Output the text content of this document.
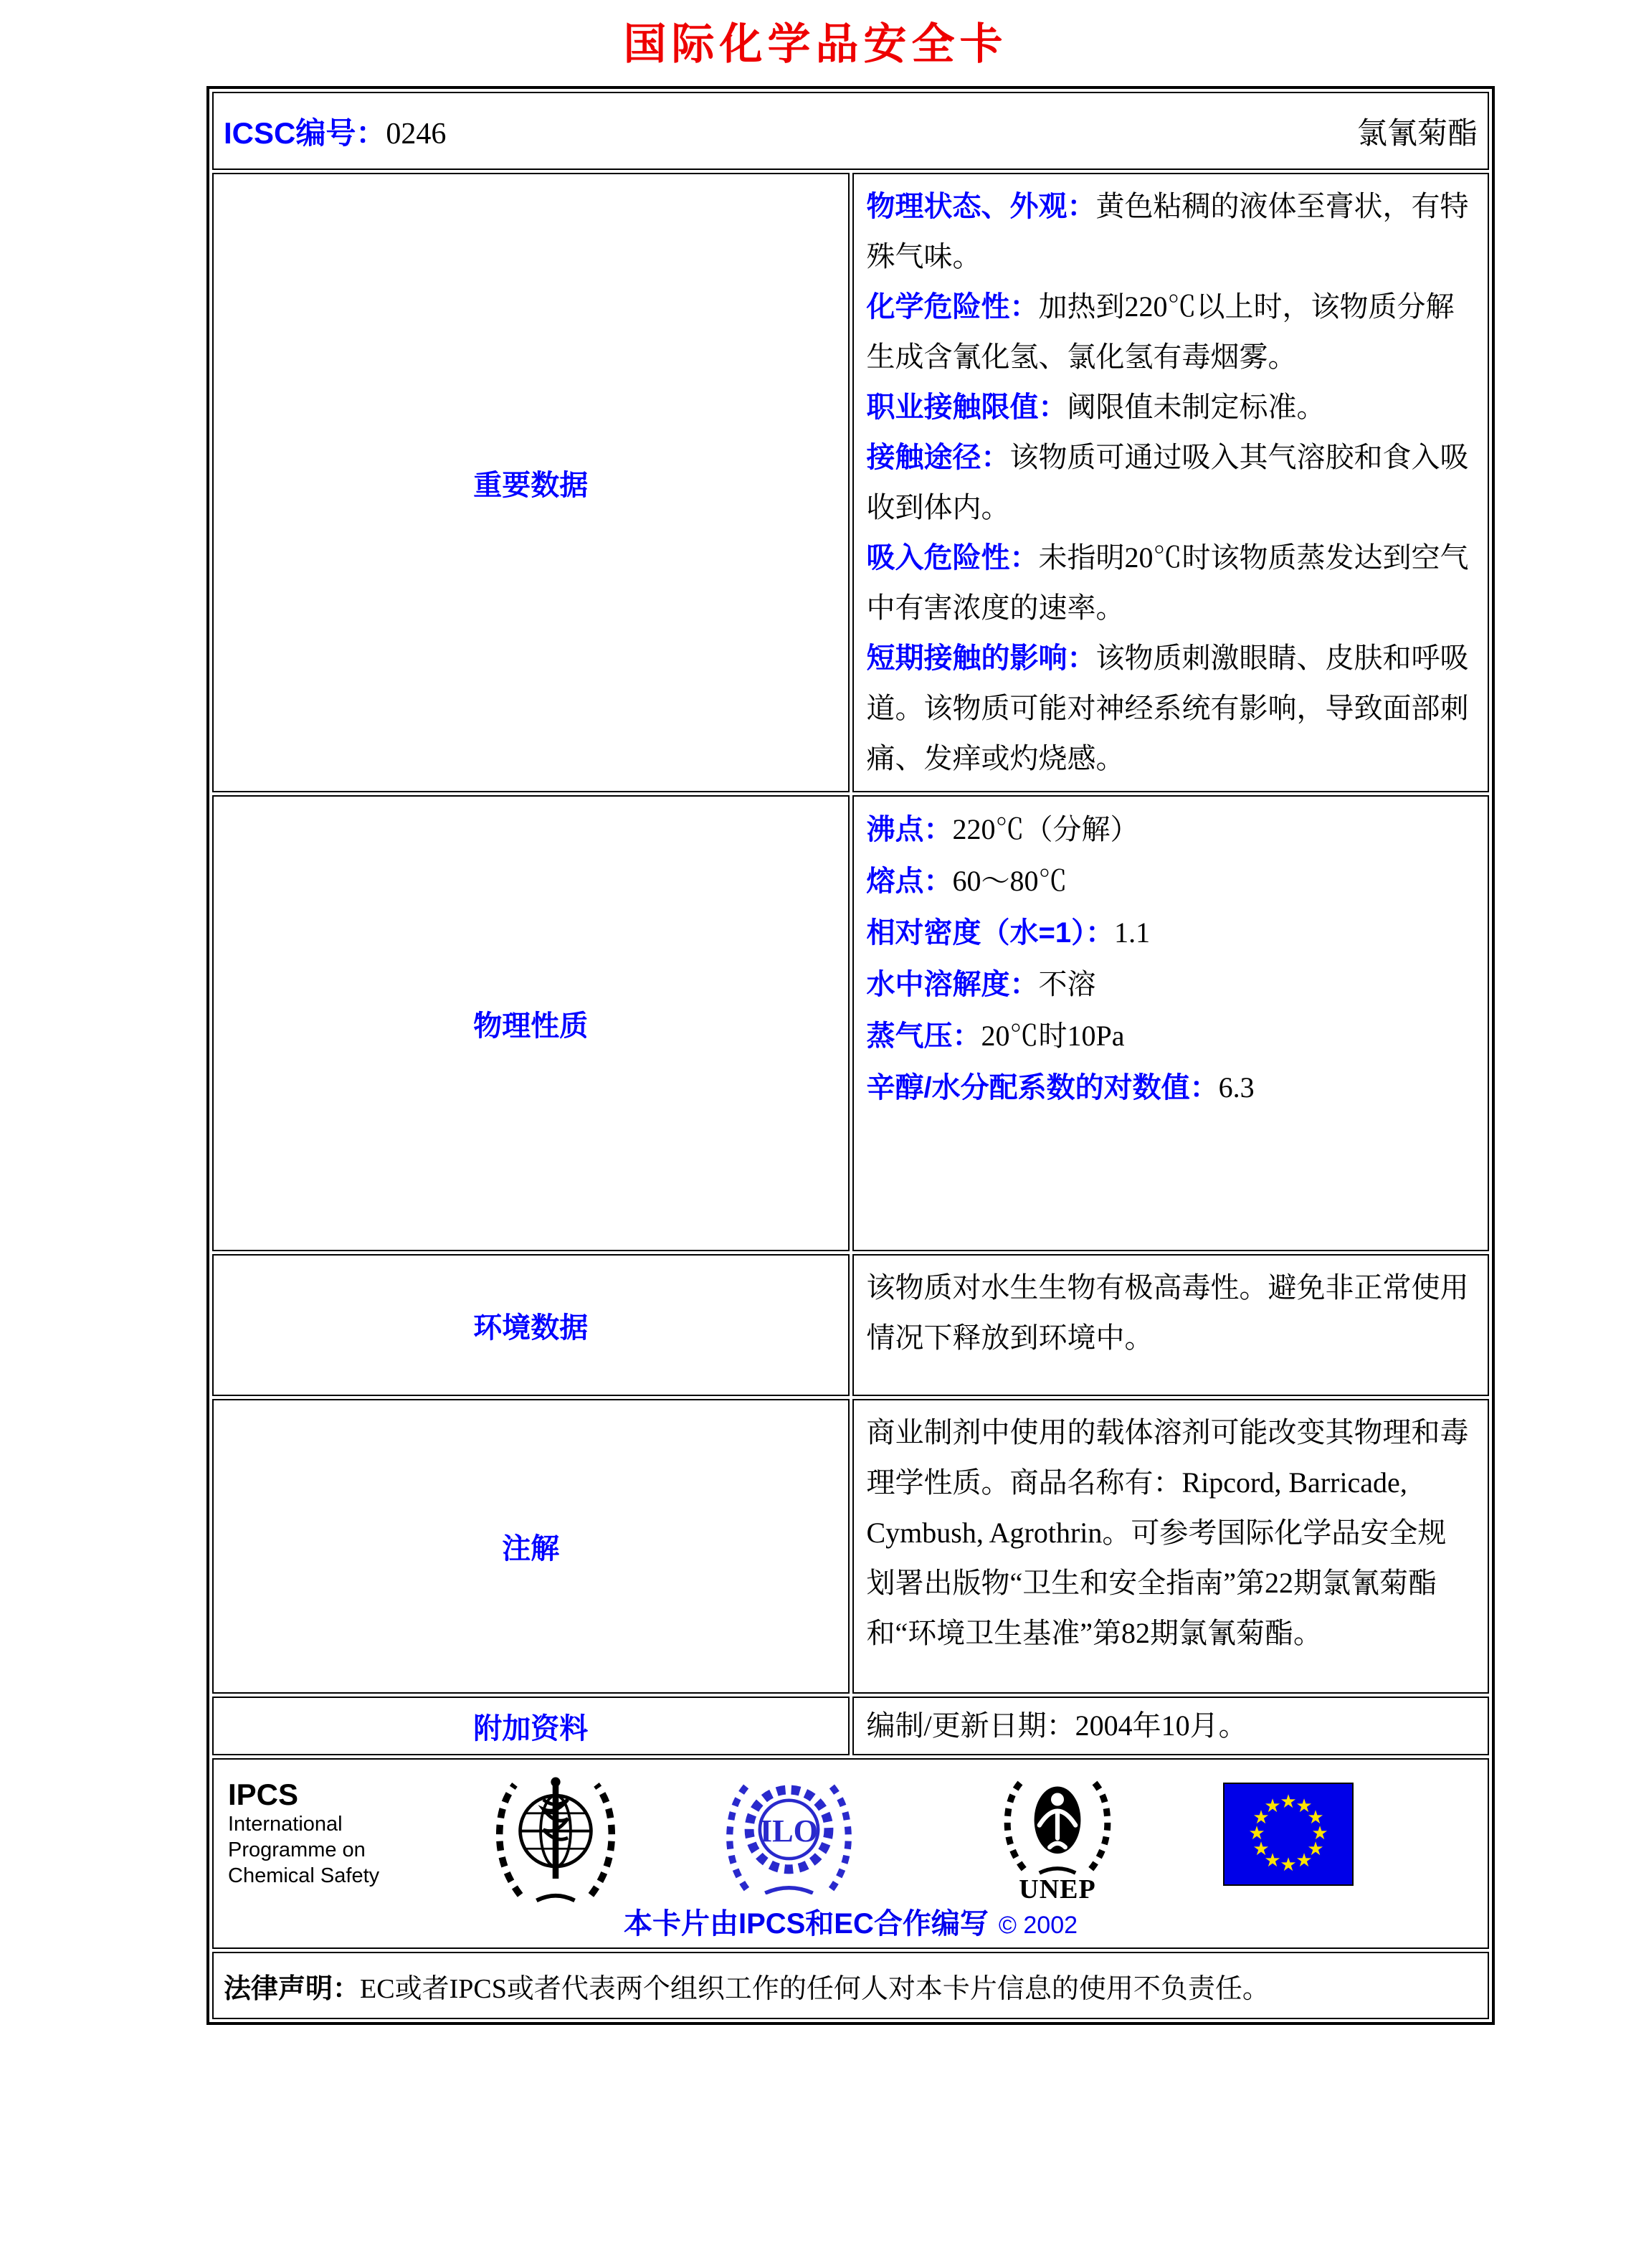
国际化学品安全卡
ICSC编号：0246 氯氰菊酯	

重要数据	
物理状态、外观：黄色粘稠的液体至膏状，有特殊气味。
化学危险性：加热到220℃以上时，该物质分解生成含氰化氢、氯化氢有毒烟雾。
职业接触限值：阈限值未制定标准。
接触途径：该物质可通过吸入其气溶胶和食入吸收到体内。
吸入危险性：未指明20℃时该物质蒸发达到空气中有害浓度的速率。
短期接触的影响：该物质刺激眼睛、皮肤和呼吸道。该物质可能对神经系统有影响，导致面部刺痛、发痒或灼烧感。

物理性质	
沸点：220℃（分解）
熔点：60～80℃
相对密度（水=1）：1.1
水中溶解度：不溶
蒸气压：20℃时10Pa
辛醇/水分配系数的对数值：6.3

环境数据	该物质对水生生物有极高毒性。避免非正常使用情况下释放到环境中。
注解	商业制剂中使用的载体溶剂可能改变其物理和毒理学性质。商品名称有：Ripcord, Barricade, Cymbush, Agrothrin。可参考国际化学品安全规划署出版物“卫生和安全指南”第22期氯氰菊酯和“环境卫生基准”第82期氯氰菊酯。
附加资料	编制/更新日期：2004年10月。

IPCS
International
Programme on
Chemical Safety
ILO
UNEP
★
★
★
★
★
★
★
★
★
★
★
★
本卡片由IPCS和EC合作编写 © 2002

法律声明：EC或者IPCS或者代表两个组织工作的任何人对本卡片信息的使用不负责任。	
